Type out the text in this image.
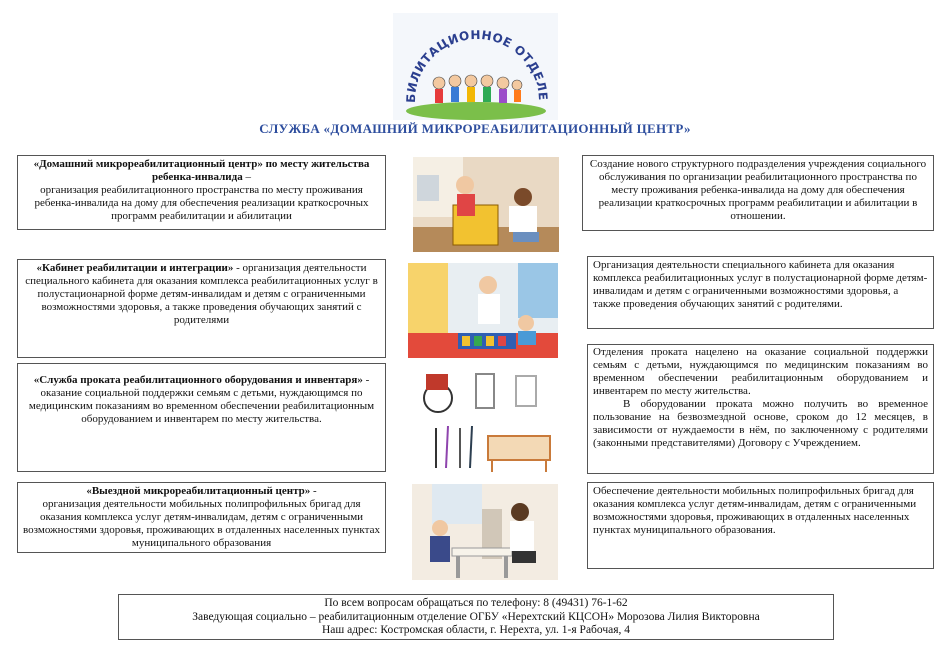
БИЛИТАЦИОННОЕ ОТДЕЛЕ
СЛУЖБА «ДОМАШНИЙ МИКРОРЕАБИЛИТАЦИОННЫЙ ЦЕНТР»
«Домашний микрореабилитационный центр» по месту жительства ребенка-инвалида –
организация реабилитационного пространства по месту проживания ребенка-инвалида на дому для обеспечения реализации краткосрочных программ реабилитации и абилитации
«Кабинет реабилитации и интеграции» - организация деятельности специального кабинета для оказания комплекса реабилитационных услуг в полустационарной форме детям-инвалидам и детям с ограниченными возможностями здоровья, а также проведения обучающих занятий с родителями
«Служба проката реабилитационного оборудования и инвентаря» -
оказание социальной поддержки семьям с детьми, нуждающимся по медицинским показаниям во временном обеспечении реабилитационным оборудованием и инвентарем по месту жительства.
«Выездной микрореабилитационный центр» -
организация деятельности мобильных полипрофильных бригад для оказания комплекса услуг детям-инвалидам, детям с ограниченными возможностями здоровья, проживающих в отдаленных населенных пунктах муниципального образования
Создание нового структурного подразделения учреждения социального обслуживания по организации реабилитационного пространства по месту проживания ребенка-инвалида на дому для обеспечения реализации краткосрочных программ реабилитации и абилитации в отношении.
Организация деятельности специального кабинета для оказания комплекса реабилитационных услуг в полустационарной форме детям-инвалидам и детям с ограниченными возможностями здоровья, а также проведения обучающих занятий с родителями.
Отделения проката нацелено на оказание социальной поддержки семьям с детьми, нуждающимся по медицинским показаниям во временном обеспечении реабилитационным оборудованием и инвентарем по месту жительства.
В оборудовании проката можно получить во временное пользование на безвозмездной основе, сроком до 12 месяцев, в зависимости от нуждаемости в нём, по заключенному с родителями (законными представителями) Договору с Учреждением.
Обеспечение деятельности мобильных полипрофильных бригад для оказания комплекса услуг детям-инвалидам, детям с ограниченными возможностями здоровья, проживающих в отдаленных населенных пунктах муниципального образования.
По всем вопросам обращаться по телефону: 8 (49431) 76-1-62
Заведующая социально – реабилитационным отделение ОГБУ «Нерехтский КЦСОН» Морозова Лилия Викторовна
Наш адрес: Костромская области, г. Нерехта, ул. 1-я Рабочая, 4
